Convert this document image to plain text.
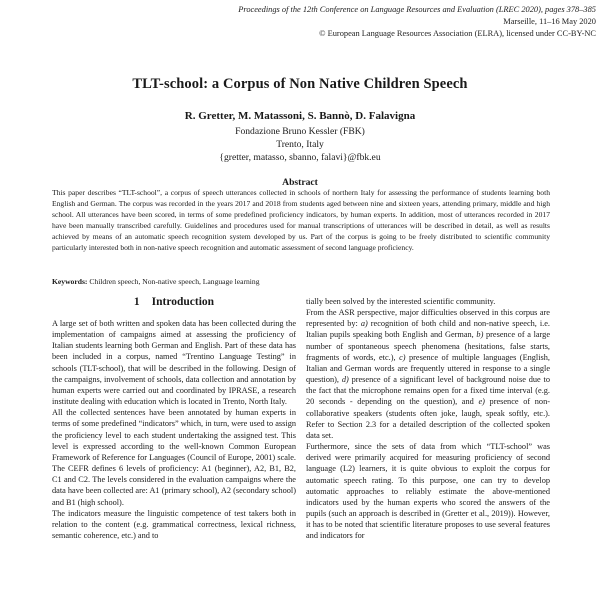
Proceedings of the 12th Conference on Language Resources and Evaluation (LREC 2020), pages 378–385
Marseille, 11–16 May 2020
© European Language Resources Association (ELRA), licensed under CC-BY-NC
TLT-school: a Corpus of Non Native Children Speech
R. Gretter, M. Matassoni, S. Bannò, D. Falavigna
Fondazione Bruno Kessler (FBK)
Trento, Italy
{gretter, matasso, sbanno, falavi}@fbk.eu
Abstract
This paper describes “TLT-school”, a corpus of speech utterances collected in schools of northern Italy for assessing the performance of students learning both English and German. The corpus was recorded in the years 2017 and 2018 from students aged between nine and sixteen years, attending primary, middle and high school. All utterances have been scored, in terms of some predefined proficiency indicators, by human experts. In addition, most of utterances recorded in 2017 have been manually transcribed carefully. Guidelines and procedures used for manual transcriptions of utterances will be described in detail, as well as results achieved by means of an automatic speech recognition system developed by us. Part of the corpus is going to be freely distributed to scientific community particularly interested both in non-native speech recognition and automatic assessment of second language proficiency.
Keywords: Children speech, Non-native speech, Language learning
1 Introduction

A large set of both written and spoken data has been collected during the implementation of campaigns aimed at assessing the proficiency of Italian students learning both German and English. Part of these data has been included in a corpus, named “Trentino Language Testing” in schools (TLT-school), that will be described in the following. Design of the campaigns, involvement of schools, data collection and annotation by human experts were carried out and coordinated by IPRASE, a research institute dealing with education which is located in Trento, North Italy.

All the collected sentences have been annotated by human experts in terms of some predefined “indicators” which, in turn, were used to assign the proficiency level to each student undertaking the assigned test. This level is expressed according to the well-known Common European Framework of Reference for Languages (Council of Europe, 2001) scale. The CEFR defines 6 levels of proficiency: A1 (beginner), A2, B1, B2, C1 and C2. The levels considered in the evaluation campaigns where the data have been collected are: A1 (primary school), A2 (secondary school) and B1 (high school).

The indicators measure the linguistic competence of test takers both in relation to the content (e.g. grammatical correctness, lexical richness, semantic coherence, etc.) and to

tially been solved by the interested scientific community.

From the ASR perspective, major difficulties observed in this corpus are represented by: a) recognition of both child and non-native speech, i.e. Italian pupils speaking both English and German, b) presence of a large number of spontaneous speech phenomena (hesitations, false starts, fragments of words, etc.), c) presence of multiple languages (English, Italian and German words are frequently uttered in response to a single question), d) presence of a significant level of background noise due to the fact that the microphone remains open for a fixed time interval (e.g. 20 seconds - depending on the question), and e) presence of non-collaborative speakers (students often joke, laugh, speak softly, etc.). Refer to Section 2.3 for a detailed description of the collected spoken data set.

Furthermore, since the sets of data from which “TLT-school” was derived were primarily acquired for measuring proficiency of second language (L2) learners, it is quite obvious to exploit the corpus for automatic speech rating. To this purpose, one can try to develop automatic approaches to reliably estimate the above-mentioned indicators used by the human experts who scored the answers of the pupils (such an approach is described in (Gretter et al., 2019)). However, it has to be noted that scientific literature proposes to use several features and indicators for
